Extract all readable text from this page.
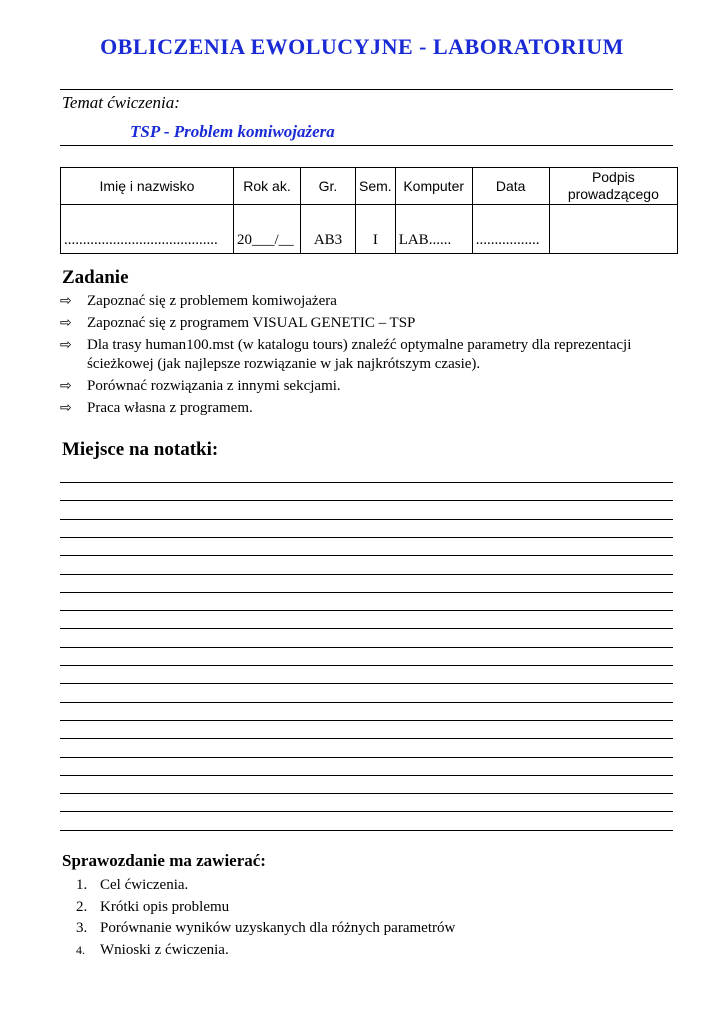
OBLICZENIA EWOLUCYJNE - LABORATORIUM
Temat ćwiczenia:
TSP - Problem komiwojażera
Imię i nazwisko	Rok ak.	Gr.	Sem.	Komputer	Data	Podpis prowadzącego
.........................................	20___/__	AB3	I	LAB......	.................	
Zadanie
⇨ Zapoznać się z problemem komiwojażera
⇨ Zapoznać się z programem VISUAL GENETIC – TSP
⇨ Dla trasy human100.mst (w katalogu tours) znaleźć optymalne parametry dla reprezentacji ścieżkowej (jak najlepsze rozwiązanie w jak najkrótszym czasie).
⇨ Porównać rozwiązania z innymi sekcjami.
⇨ Praca własna z programem.
Miejsce na notatki:
Sprawozdanie ma zawierać:
1. Cel ćwiczenia.
2. Krótki opis problemu
3. Porównanie wyników uzyskanych dla różnych parametrów
4. Wnioski z ćwiczenia.
